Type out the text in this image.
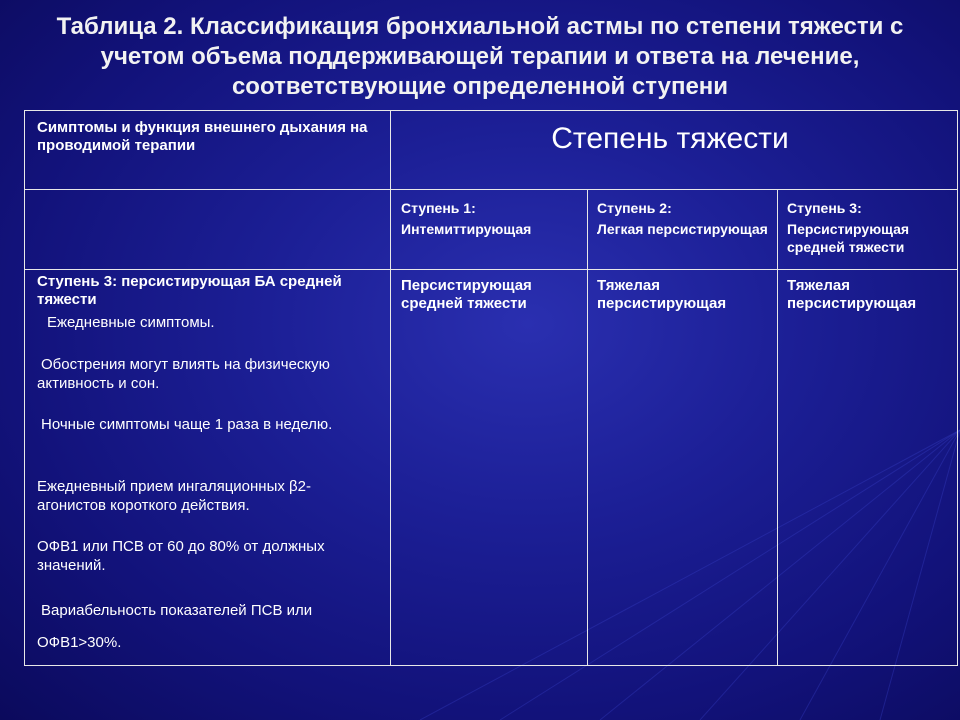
Таблица 2. Классификация бронхиальной астмы по степени тяжести с учетом объема поддерживающей терапии и ответа на лечение, соответствующие определенной ступени
Симптомы и функция внешнего дыхания на проводимой терапии	Степень тяжести
Ступень 1:
Интемиттирующая
Ступень 2:
Легкая персистирующая
Ступень 3:
Персистирующая средней тяжести
Ступень 3: персистирующая БА средней тяжести
Ежедневные симптомы.
Обострения могут влиять на физическую активность и сон.
Ночные симптомы чаще 1 раза в неделю.
Ежедневный прием ингаляционных β2-агонистов короткого действия.
ОФВ1 или ПСВ от 60 до 80% от должных значений.
Вариабельность показателей ПСВ или
ОФВ1>30%.
Персистирующая средней тяжести
Тяжелая персистирующая
Тяжелая персистирующая
